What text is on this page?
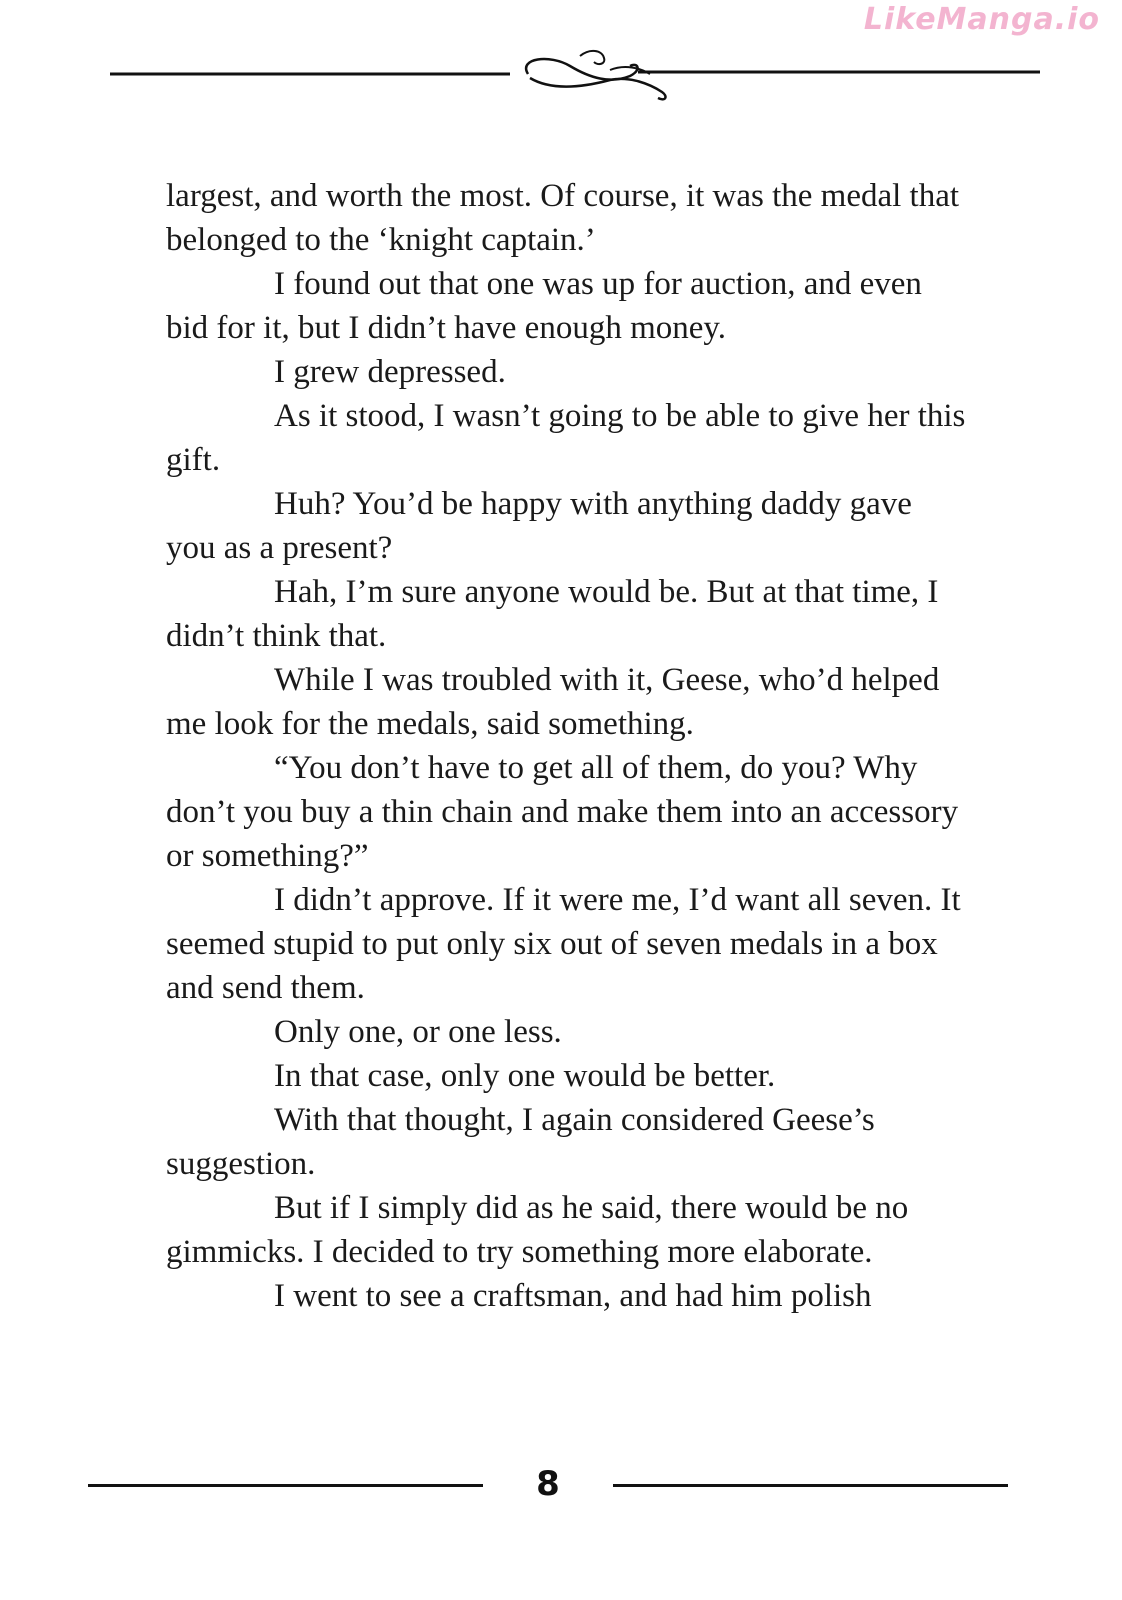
LikeManga.io

largest, and worth the most. Of course, it was the medal that belonged to the ‘knight captain.’

I found out that one was up for auction, and even bid for it, but I didn’t have enough money.

I grew depressed.

As it stood, I wasn’t going to be able to give her this gift.

Huh? You’d be happy with anything daddy gave you as a present?

Hah, I’m sure anyone would be. But at that time, I didn’t think that.

While I was troubled with it, Geese, who’d helped me look for the medals, said something.

“You don’t have to get all of them, do you? Why don’t you buy a thin chain and make them into an accessory or something?”

I didn’t approve. If it were me, I’d want all seven. It seemed stupid to put only six out of seven medals in a box and send them.

Only one, or one less.

In that case, only one would be better.

With that thought, I again considered Geese’s suggestion.

But if I simply did as he said, there would be no gimmicks. I decided to try something more elaborate.

I went to see a craftsman, and had him polish

8
